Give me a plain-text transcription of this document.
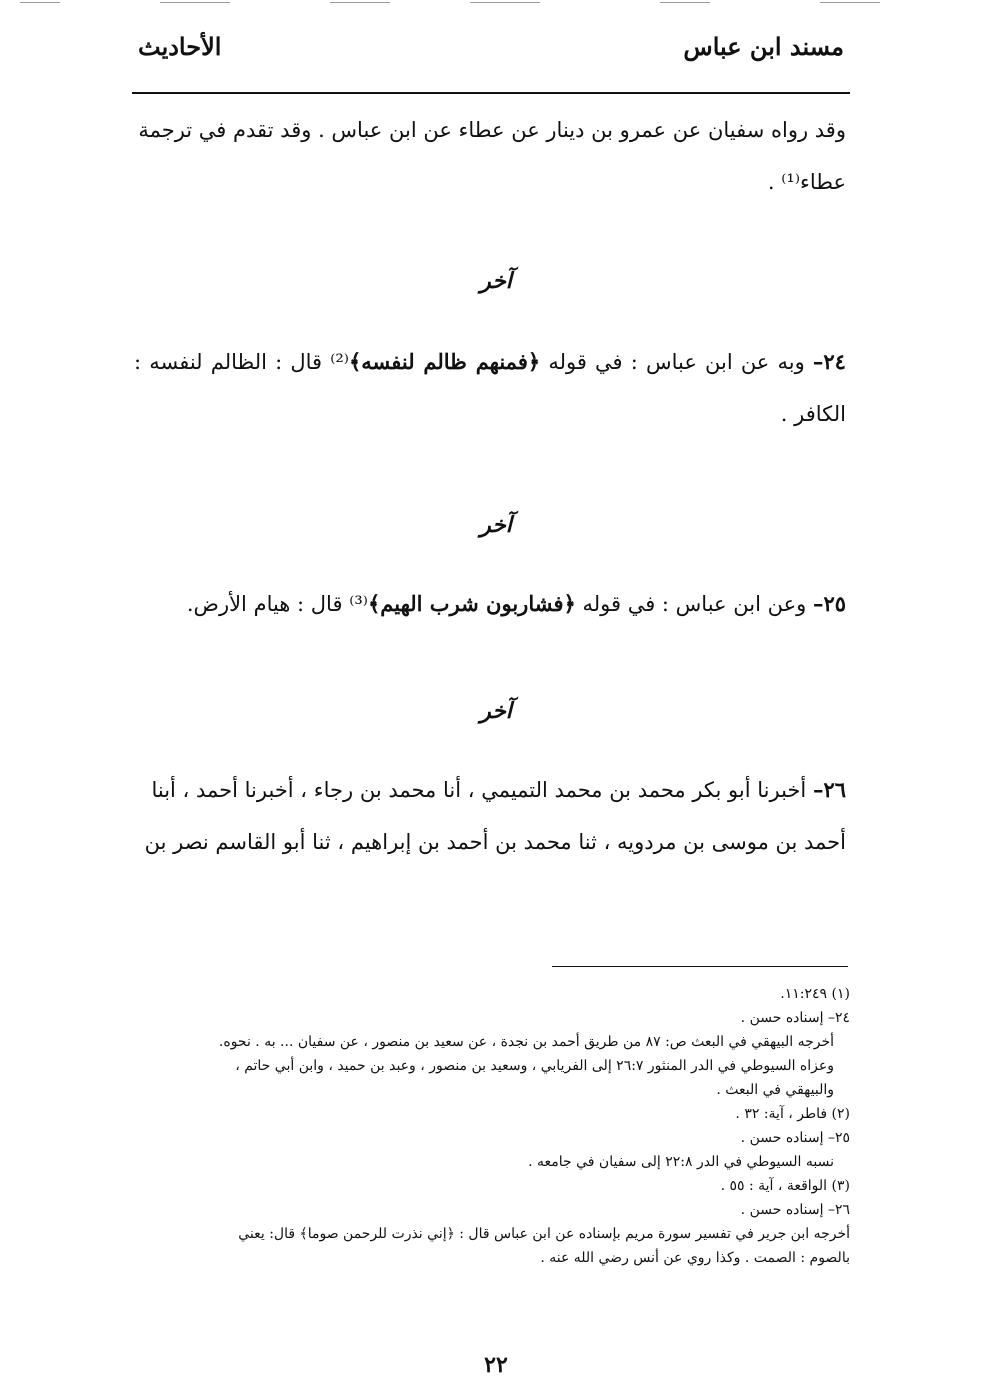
مسند ابن عباس
الأحاديث
وقد رواه سفيان عن عمرو بن دينار عن عطاء عن ابن عباس . وقد تقدم في ترجمة
عطاء⁽¹⁾ .
آخر
٢٤– وبه عن ابن عباس : في قوله ﴿فمنهم ظالم لنفسه﴾⁽²⁾ قال : الظالم لنفسه : الكافر .
آخر
٢٥– وعن ابن عباس : في قوله ﴿فشاربون شرب الهيم﴾⁽³⁾ قال : هيام الأرض.
آخر
٢٦– أخبرنا أبو بكر محمد بن محمد التميمي ، أنا محمد بن رجاء ، أخبرنا أحمد ، أبنا
أحمد بن موسى بن مردويه ، ثنا محمد بن أحمد بن إبراهيم ، ثنا أبو القاسم نصر بن
(١) ١١:٢٤٩.
٢٤– إسناده حسن .
أخرجه البيهقي في البعث ص: ٨٧ من طريق أحمد بن نجدة ، عن سعيد بن منصور ، عن سفيان ... به . نحوه.
وعزاه السيوطي في الدر المنثور ٢٦:٧ إلى الفريابي ، وسعيد بن منصور ، وعبد بن حميد ، وابن أبي حاتم ،
والبيهقي في البعث .
(٢) فاطر ، آية: ٣٢ .
٢٥– إسناده حسن .
نسبه السيوطي في الدر ٢٢:٨ إلى سفيان في جامعه .
(٣) الواقعة ، آية : ٥٥ .
٢٦– إسناده حسن .
أخرجه ابن جرير في تفسير سورة مريم بإسناده عن ابن عباس قال : ﴿إني نذرت للرحمن صوما﴾ قال: يعني
بالصوم : الصمت . وكذا روي عن أنس رضي الله عنه .
٢٢
